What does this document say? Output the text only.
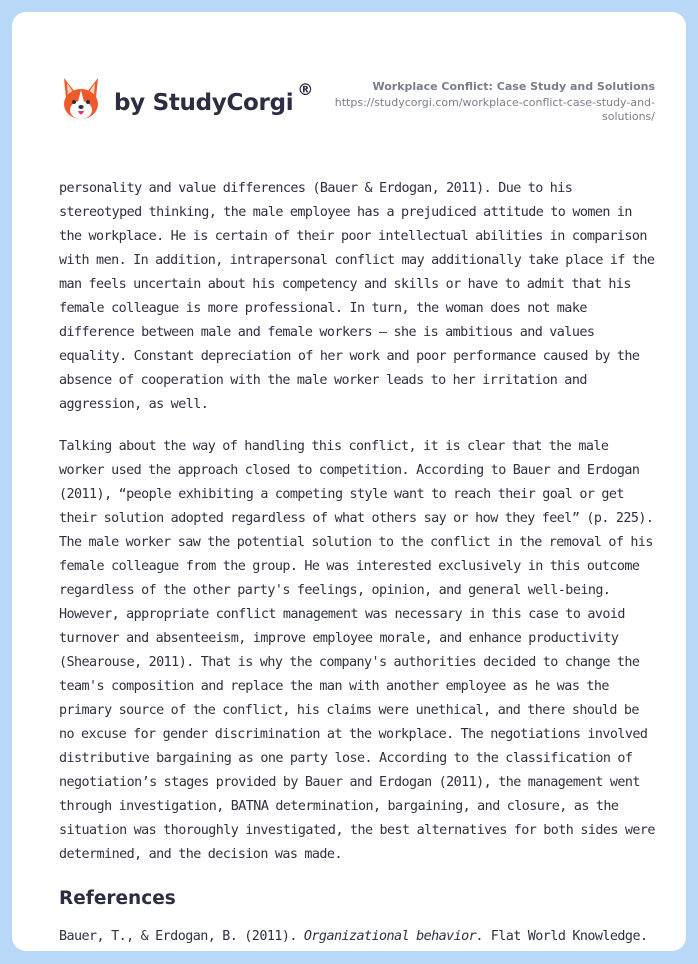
by StudyCorgi
®	Workplace Conflict: Case Study and Solutions
https://studycorgi.com/workplace-conflict-case-study-and-
solutions/

personality and value differences (Bauer & Erdogan, 2011). Due to his stereotyped thinking, the male employee has a prejudiced attitude to women in the workplace. He is certain of their poor intellectual abilities in comparison with men. In addition, intrapersonal conflict may additionally take place if the man feels uncertain about his competency and skills or have to admit that his female colleague is more professional. In turn, the woman does not make difference between male and female workers – she is ambitious and values equality. Constant depreciation of her work and poor performance caused by the absence of cooperation with the male worker leads to her irritation and aggression, as well.

Talking about the way of handling this conflict, it is clear that the male worker used the approach closed to competition. According to Bauer and Erdogan (2011), “people exhibiting a competing style want to reach their goal or get their solution adopted regardless of what others say or how they feel” (p. 225). The male worker saw the potential solution to the conflict in the removal of his female colleague from the group. He was interested exclusively in this outcome regardless of the other party's feelings, opinion, and general well-being. However, appropriate conflict management was necessary in this case to avoid turnover and absenteeism, improve employee morale, and enhance productivity (Shearouse, 2011). That is why the company's authorities decided to change the team's composition and replace the man with another employee as he was the primary source of the conflict, his claims were unethical, and there should be no excuse for gender discrimination at the workplace. The negotiations involved distributive bargaining as one party lose. According to the classification of negotiation’s stages provided by Bauer and Erdogan (2011), the management went through investigation, BATNA determination, bargaining, and closure, as the situation was thoroughly investigated, the best alternatives for both sides were determined, and the decision was made.

References

Bauer, T., & Erdogan, B. (2011). Organizational behavior. Flat World Knowledge.
